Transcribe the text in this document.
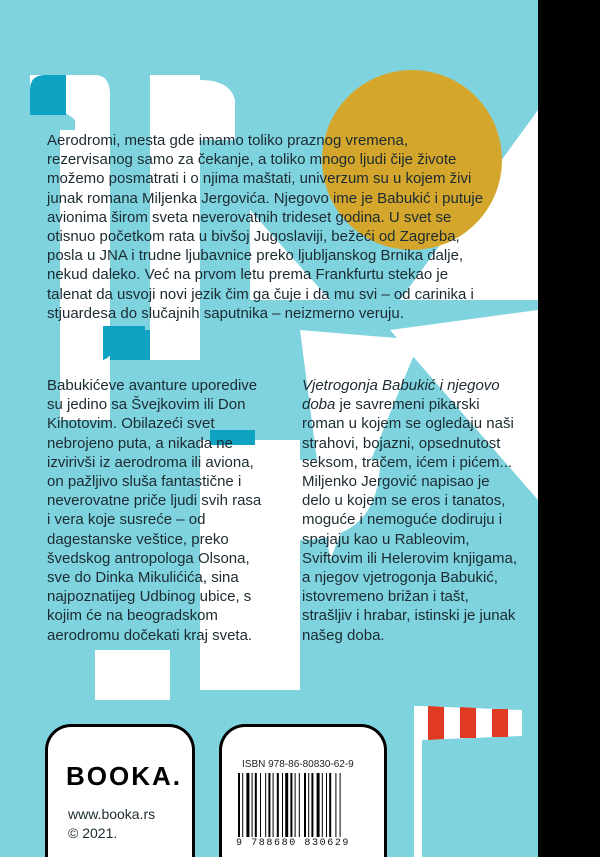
Aerodromi, mesta gde imamo toliko praznog vremena, rezervisanog samo za čekanje, a toliko mnogo ljudi čije živote možemo posmatrati i o njima maštati, univerzum su u kojem živi junak romana Miljenka Jergovića. Njegovo ime je Babukić i putuje avionima širom sveta neverovatnih trideset godina. U svet se otisnuo početkom rata u bivšoj Jugoslaviji, bežeći od Zagreba, posla u JNA i trudne ljubavnice preko ljubljanskog Brnika dalje, nekud daleko. Već na prvom letu prema Frankfurtu stekao je talenat da usvoji novi jezik čim ga čuje i da mu svi – od carinika i stjuardesa do slučajnih saputnika – neizmerno veruju.

Babukićeve avanture uporedive su jedino sa Švejkovim ili Don Kihotovim. Obilazeći svet nebrojeno puta, a nikada ne izvirivši iz aerodroma ili aviona, on pažljivo sluša fantastične i neverovatne priče ljudi svih rasa i vera koje susreće – od dagestanske veštice, preko švedskog antropologa Olsona, sve do Dinka Mikulićića, sina najpoznatijeg Udbinog ubice, s kojim će na beogradskom aerodromu dočekati kraj sveta.

Vjetrogonja Babukić i njegovo doba je savremeni pikarski roman u kojem se ogledaju naši strahovi, bojazni, opsednutost seksom, tračem, ićem i pićem... Miljenko Jergović napisao je delo u kojem se eros i tanatos, moguće i nemoguće dodiruju i spajaju kao u Rableovim, Sviftovim ili Helerovim knjigama, a njegov vjetrogonja Babukić, istovremeno brižan i tašt, strašljiv i hrabar, istinski je junak našeg doba.

BOOKA.
www.booka.rs
© 2021.
ISBN 978-86-80830-62-9
9 788680 830629
